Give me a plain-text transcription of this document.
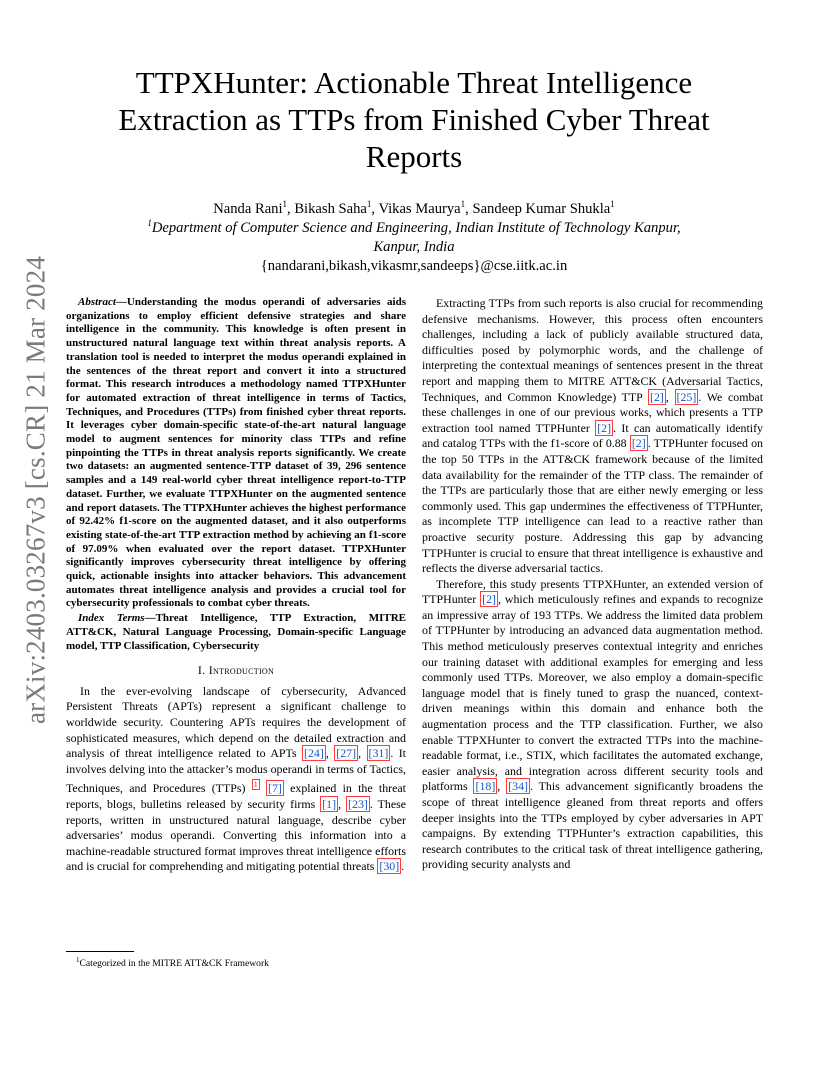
arXiv:2403.03267v3 [cs.CR] 21 Mar 2024
TTPXHunter: Actionable Threat Intelligence Extraction as TTPs from Finished Cyber Threat Reports
Nanda Rani$^1$, Bikash Saha$^1$, Vikas Maurya$^1$, Sandeep Kumar Shukla$^1$
$^1$Department of Computer Science and Engineering, Indian Institute of Technology Kanpur,
Kanpur, India
{nandarani,bikash,vikasmr,sandeeps}@cse.iitk.ac.in

Abstract—Understanding the modus operandi of adversaries aids organizations to employ efficient defensive strategies and share intelligence in the community. This knowledge is often present in unstructured natural language text within threat analysis reports. A translation tool is needed to interpret the modus operandi explained in the sentences of the threat report and convert it into a structured format. This research introduces a methodology named TTPXHunter for automated extraction of threat intelligence in terms of Tactics, Techniques, and Procedures (TTPs) from finished cyber threat reports. It leverages cyber domain-specific state-of-the-art natural language model to augment sentences for minority class TTPs and refine pinpointing the TTPs in threat analysis reports significantly. We create two datasets: an augmented sentence-TTP dataset of 39, 296 sentence samples and a 149 real-world cyber threat intelligence report-to-TTP dataset. Further, we evaluate TTPXHunter on the augmented sentence and report datasets. The TTPXHunter achieves the highest performance of 92.42% f1-score on the augmented dataset, and it also outperforms existing state-of-the-art TTP extraction method by achieving an f1-score of 97.09% when evaluated over the report dataset. TTPXHunter significantly improves cybersecurity threat intelligence by offering quick, actionable insights into attacker behaviors. This advancement automates threat intelligence analysis and provides a crucial tool for cybersecurity professionals to combat cyber threats.

Index Terms—Threat Intelligence, TTP Extraction, MITRE ATT&CK, Natural Language Processing, Domain-specific Language model, TTP Classification, Cybersecurity

I. Introduction

In the ever-evolving landscape of cybersecurity, Advanced Persistent Threats (APTs) represent a significant challenge to worldwide security. Countering APTs requires the development of sophisticated measures, which depend on the detailed extraction and analysis of threat intelligence related to APTs [24] , [27] , [31] . It involves delving into the attacker’s modus operandi in terms of Tactics, Techniques, and Procedures (TTPs) $^1$ [7] explained in the threat reports, blogs, bulletins released by security firms [1] , [23] . These reports, written in unstructured natural language, describe cyber adversaries’ modus operandi. Converting this information into a machine-readable structured format improves threat intelligence efforts and is crucial for comprehending and mitigating potential threats [30] .

$^1$Categorized in the MITRE ATT&CK Framework

Extracting TTPs from such reports is also crucial for recommending defensive mechanisms. However, this process often encounters challenges, including a lack of publicly available structured data, difficulties posed by polymorphic words, and the challenge of interpreting the contextual meanings of sentences present in the threat report and mapping them to MITRE ATT&CK (Adversarial Tactics, Techniques, and Common Knowledge) TTP [2] , [25] . We combat these challenges in one of our previous works, which presents a TTP extraction tool named TTPHunter [2] . It can automatically identify and catalog TTPs with the f1-score of 0.88 [2] . TTPHunter focused on the top 50 TTPs in the ATT&CK framework because of the limited data availability for the remainder of the TTP class. The remainder of the TTPs are particularly those that are either newly emerging or less commonly used. This gap undermines the effectiveness of TTPHunter, as incomplete TTP intelligence can lead to a reactive rather than proactive security posture. Addressing this gap by advancing TTPHunter is crucial to ensure that threat intelligence is exhaustive and reflects the diverse adversarial tactics.

Therefore, this study presents TTPXHunter, an extended version of TTPHunter [2] , which meticulously refines and expands to recognize an impressive array of 193 TTPs. We address the limited data problem of TTPHunter by introducing an advanced data augmentation method. This method meticulously preserves contextual integrity and enriches our training dataset with additional examples for emerging and less commonly used TTPs. Moreover, we also employ a domain-specific language model that is finely tuned to grasp the nuanced, context-driven meanings within this domain and enhance both the augmentation process and the TTP classification. Further, we also enable TTPXHunter to convert the extracted TTPs into the machine-readable format, i.e., STIX, which facilitates the automated exchange, easier analysis, and integration across different security tools and platforms [18] , [34] . This advancement significantly broadens the scope of threat intelligence gleaned from threat reports and offers deeper insights into the TTPs employed by cyber adversaries in APT campaigns. By extending TTPHunter’s extraction capabilities, this research contributes to the critical task of threat intelligence gathering, providing security analysts and
